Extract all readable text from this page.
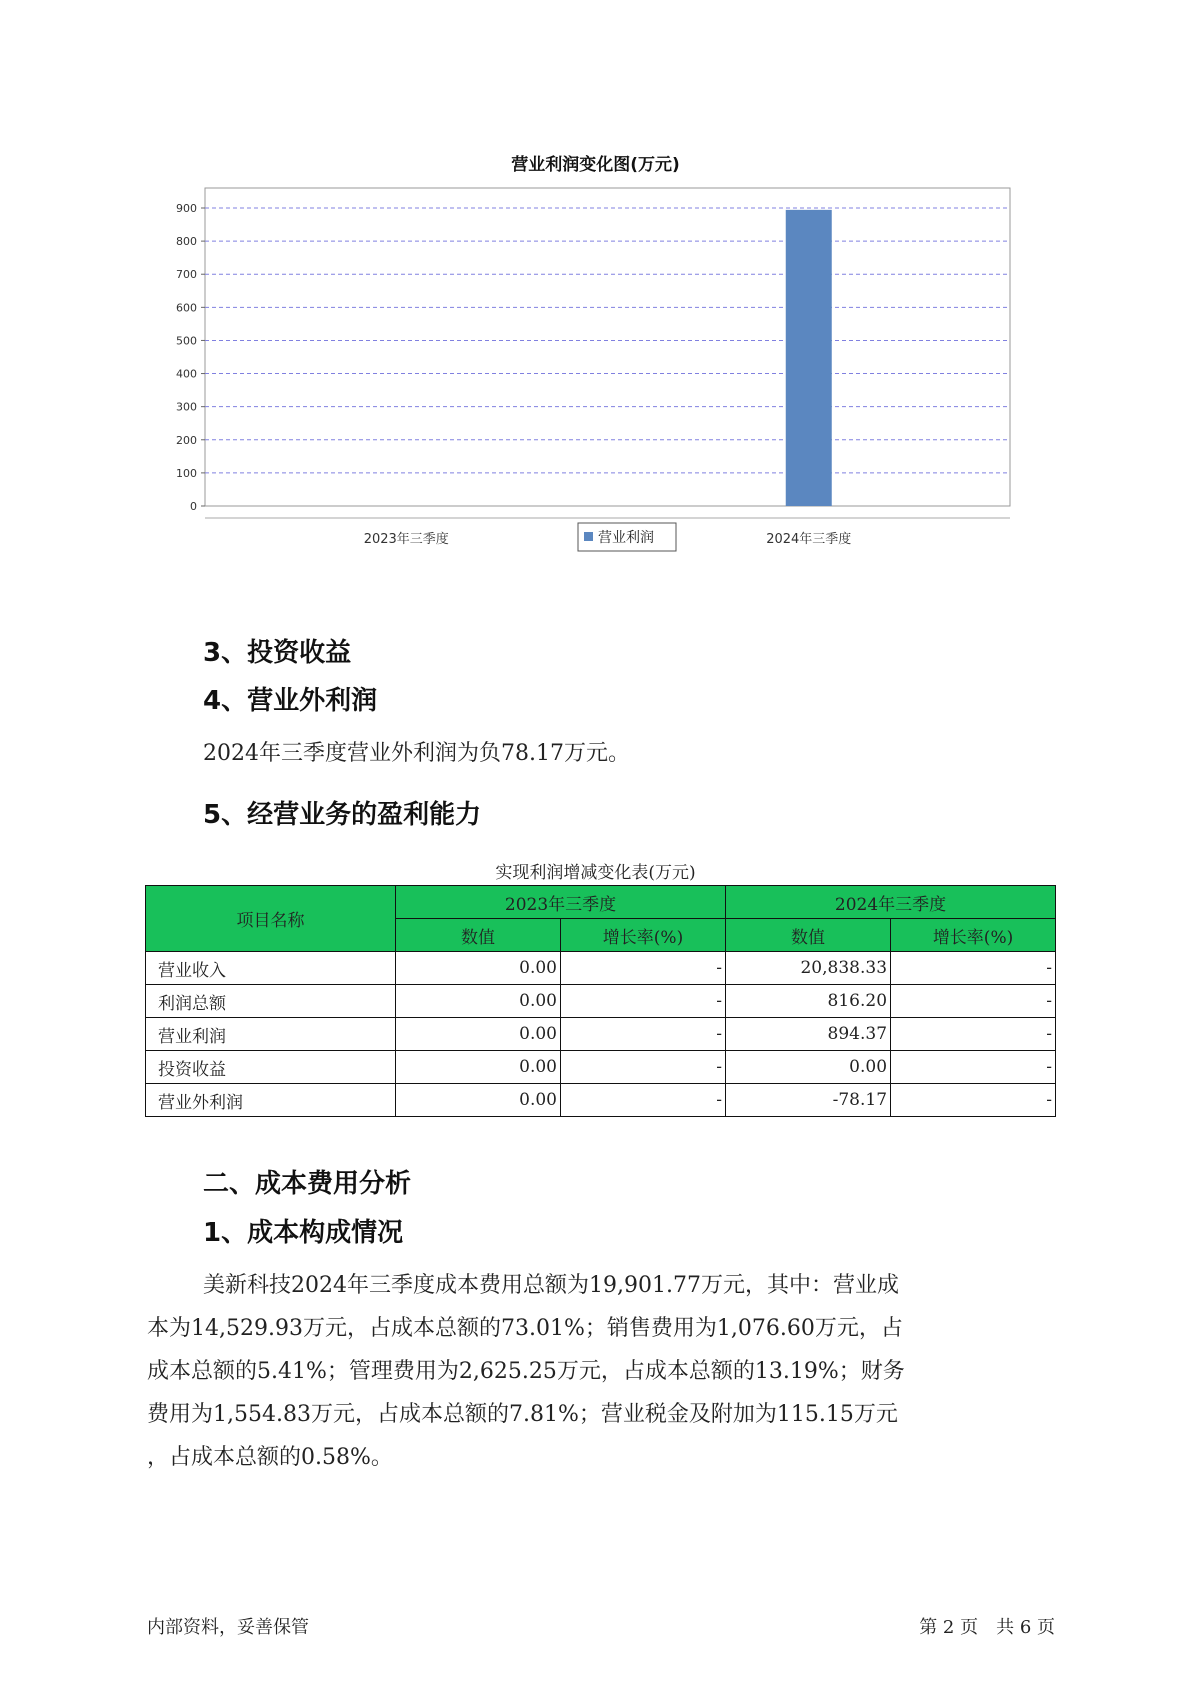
营业利润变化图(万元)
0
100
200
300
400
500
600
700
800
900
2023年三季度	2024年三季度
营业利润
3、投资收益
4、营业外利润
2024年三季度营业外利润为负78.17万元。
5、经营业务的盈利能力
实现利润增减变化表(万元)
项目名称	2023年三季度		2024年三季度	
	数值	增长率(%)	数值	增长率(%)
营业收入	0.00	-	20,838.33	-
利润总额	0.00	-	816.20	-
营业利润	0.00	-	894.37	-
投资收益	0.00	-	0.00	-
营业外利润	0.00	-	-78.17	-
二、成本费用分析
1、成本构成情况
美新科技2024年三季度成本费用总额为19,901.77万元，其中：营业成
本为14,529.93万元，占成本总额的73.01%；销售费用为1,076.60万元，占
成本总额的5.41%；管理费用为2,625.25万元，占成本总额的13.19%；财务
费用为1,554.83万元，占成本总额的7.81%；营业税金及附加为115.15万元
，占成本总额的0.58%。
内部资料，妥善保管	第 2 页　共 6 页
